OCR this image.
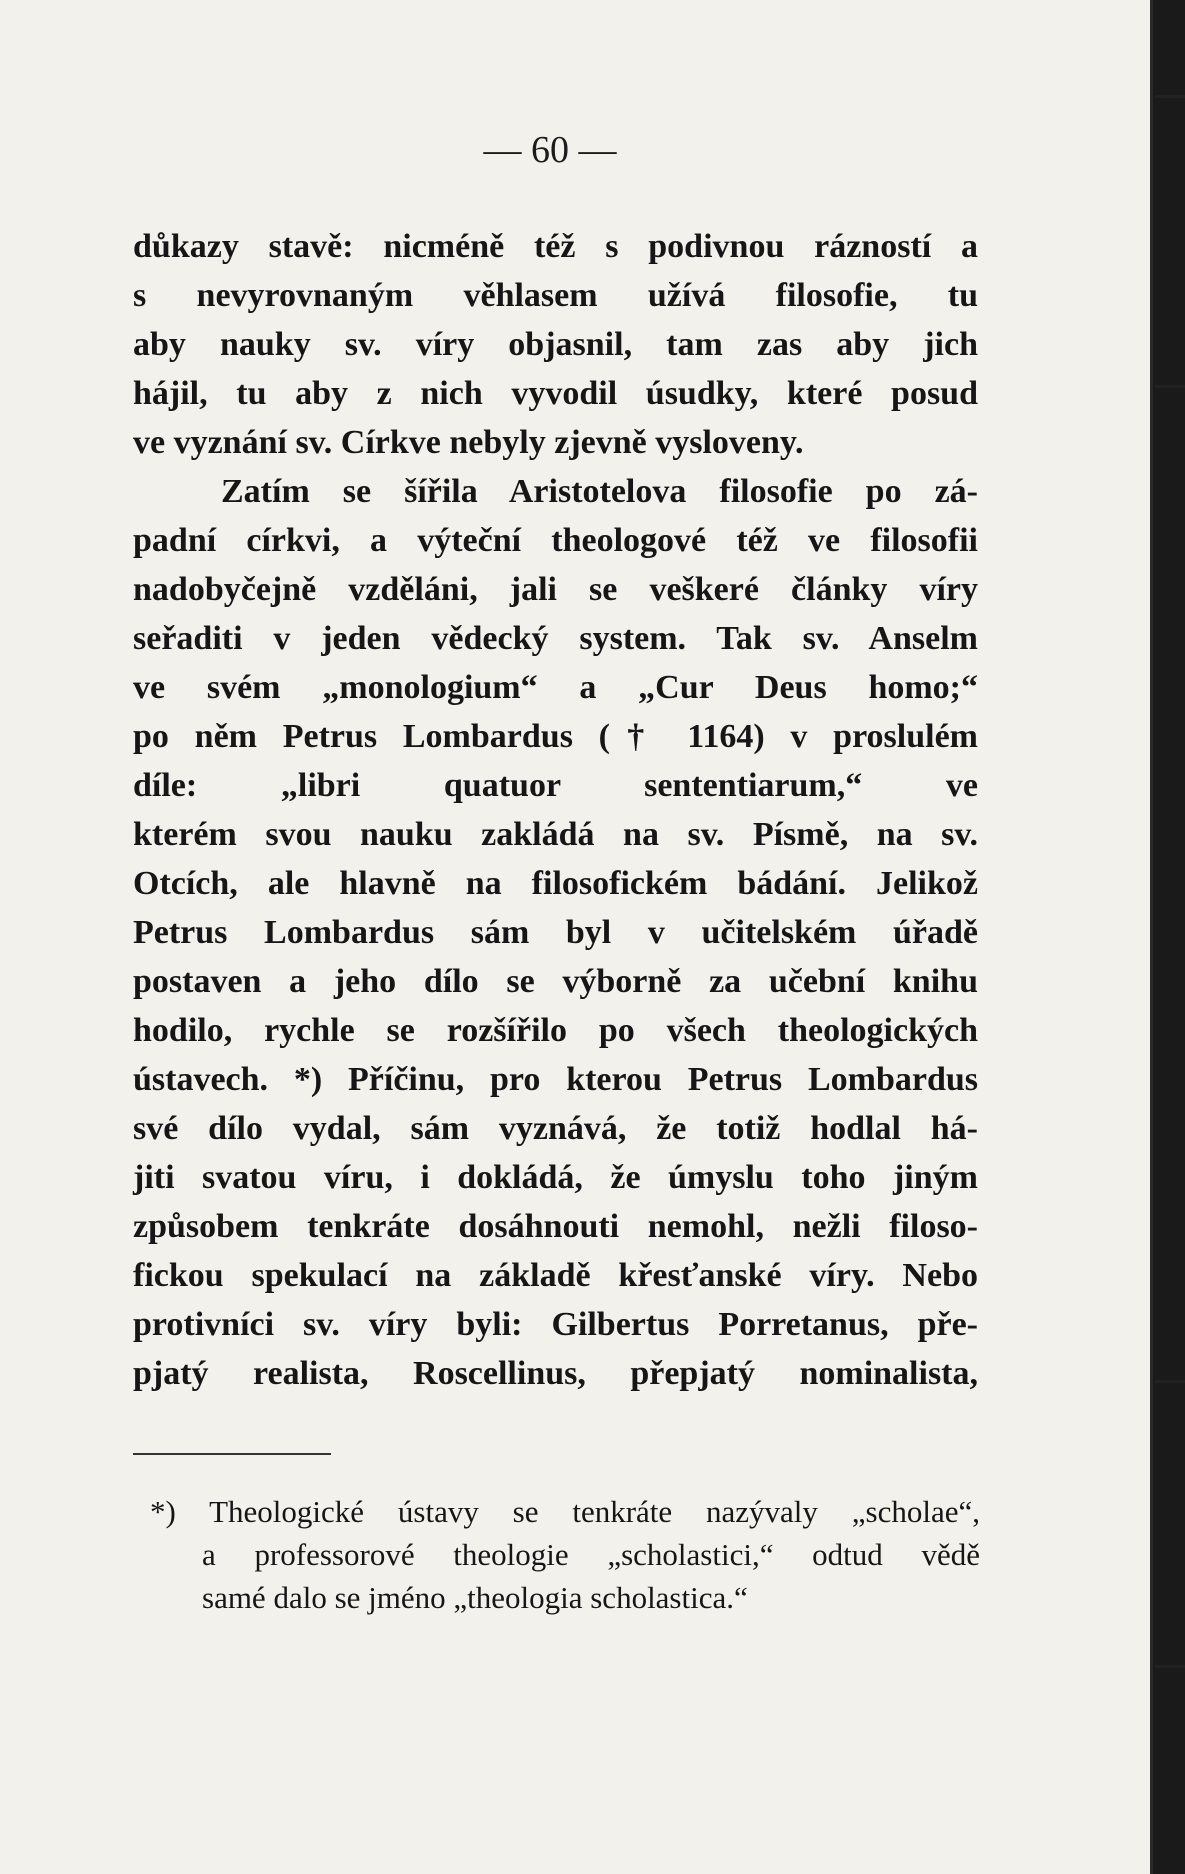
— 60 —
důkazy stavě: nicméně též s podivnou rázností a
s nevyrovnaným věhlasem užívá filosofie, tu
aby nauky sv. víry objasnil, tam zas aby jich
hájil, tu aby z nich vyvodil úsudky, které posud
ve vyznání sv. Církve nebyly zjevně vysloveny.
Zatím se šířila Aristotelova filosofie po zá-
padní církvi, a výteční theologové též ve filosofii
nadobyčejně vzděláni, jali se veškeré články víry
seřaditi v jeden vědecký system. Tak sv. Anselm
ve svém „monologium“ a „Cur Deus homo;“
po něm Petrus Lombardus († 1164) v proslulém
díle: „libri quatuor sententiarum,“ ve
kterém svou nauku zakládá na sv. Písmě, na sv.
Otcích, ale hlavně na filosofickém bádání. Jelikož
Petrus Lombardus sám byl v učitelském úřadě
postaven a jeho dílo se výborně za učební knihu
hodilo, rychle se rozšířilo po všech theologických
ústavech. *) Příčinu, pro kterou Petrus Lombardus
své dílo vydal, sám vyznává, že totiž hodlal há-
jiti svatou víru, i dokládá, že úmyslu toho jiným
způsobem tenkráte dosáhnouti nemohl, nežli filoso-
fickou spekulací na základě křesťanské víry. Nebo
protivníci sv. víry byli: Gilbertus Porretanus, pře-
pjatý realista, Roscellinus, přepjatý nominalista,
*) Theologické ústavy se tenkráte nazývaly „scholae“,
a professorové theologie „scholastici,“ odtud vědě
samé dalo se jméno „theologia scholastica.“
